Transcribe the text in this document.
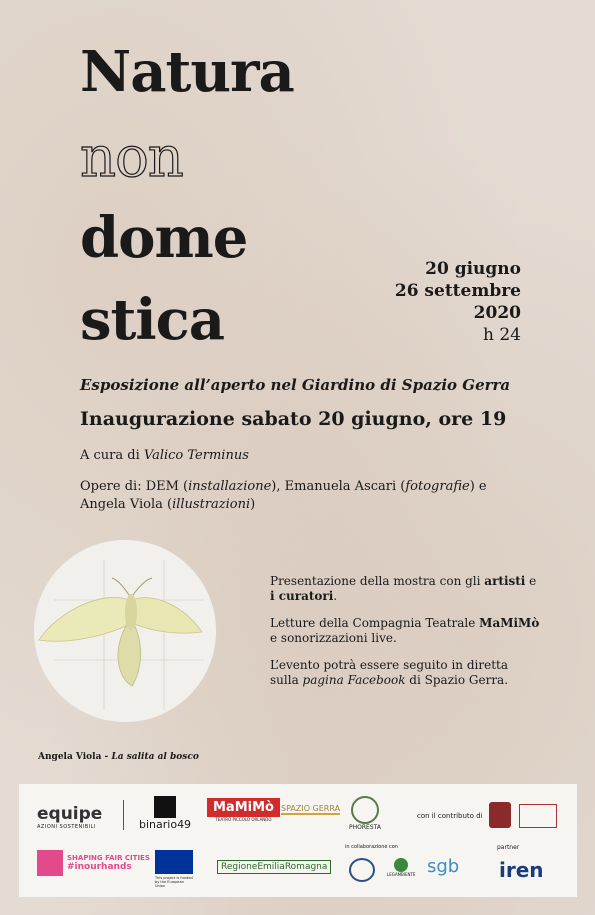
Natura
non
dome
stica
20 giugno
26 settembre
2020
h 24

Esposizione all’aperto nel Giardino di Spazio Gerra

Inaugurazione sabato 20 giugno, ore 19

A cura di Valico Terminus
Opere di: DEM (installazione), Emanuela Ascari (fotografie) e Angela Viola (illustrazioni)
Angela Viola - La salita al bosco

Presentazione della mostra con gli artisti e i curatori.

Letture della Compagnia Teatrale MaMiMò e sonorizzazioni live.

L’evento potrà essere seguito in diretta sulla pagina Facebook di Spazio Gerra.

equipe
AZIONI SOSTENIBILI	binario49
MaMiMò
TEATRO PICCOLO ORLANDO
SPAZIO GERRA
PHORESTA
con il contributo di
SHAPING FAIR CITIES
#inourhands
This project is funded by the European Union
RegioneEmiliaRomagna
in collaborazione con
LEGAMBIENTE sgb
partner
iren
